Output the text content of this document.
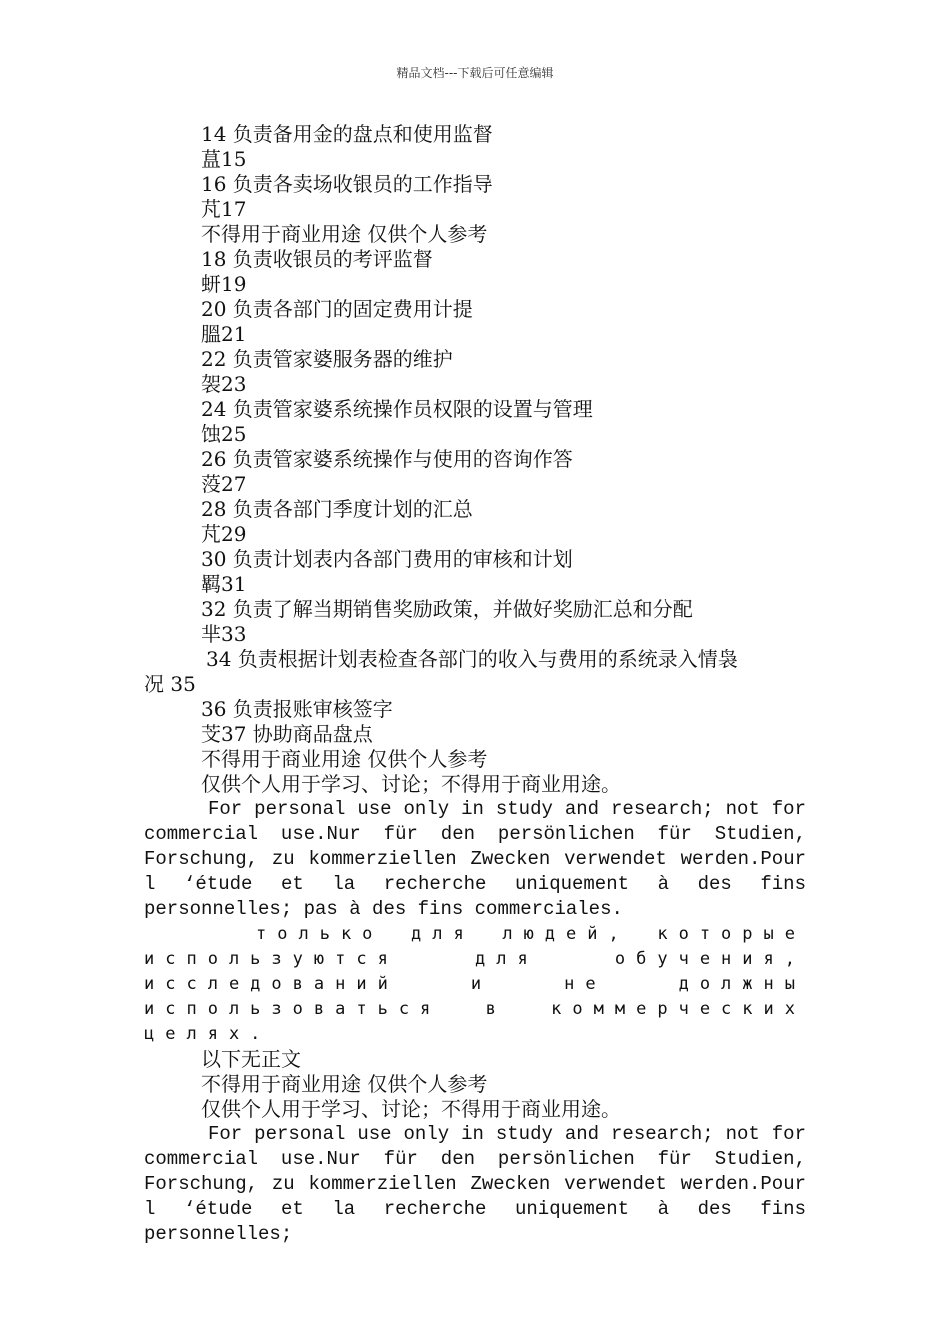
精品文档---下载后可任意编辑
14 负责备用金的盘点和使用监督
蒀15
16 负责各卖场收银员的工作指导
芃17
不得用于商业用途 仅供个人参考
18 负责收银员的考评监督
蚈19
20 负责各部门的固定费用计提
膃21
22 负责管家婆服务器的维护
袈23
24 负责管家婆系统操作员权限的设置与管理
蚀25
26 负责管家婆系统操作与使用的咨询作答
莈27
28 负责各部门季度计划的汇总
芃29
30 负责计划表内各部门费用的审核和计划
羁31
32 负责了解当期销售奖励政策，并做好奖励汇总和分配
芈33
34 负责根据计划表检查各部门的收入与费用的系统录入情袅
况 35
36 负责报账审核签字
芠37 协助商品盘点
不得用于商业用途 仅供个人参考
仅供个人用于学习、讨论；不得用于商业用途。

For personal use only in study and research; not for commercial use.Nur für den persönlichen für Studien, Forschung, zu kommerziellen Zwecken verwendet werden.Pour l ‘étude et la recherche uniquement à des fins personnelles; pas à des fins commerciales.

только для людей, которые используются для обучения, исследований и не должны использоваться в коммерческих целях.

以下无正文
不得用于商业用途 仅供个人参考
仅供个人用于学习、讨论；不得用于商业用途。

For personal use only in study and research; not for commercial use.Nur für den persönlichen für Studien, Forschung, zu kommerziellen Zwecken verwendet werden.Pour l ‘étude et la recherche uniquement à des fins personnelles;
